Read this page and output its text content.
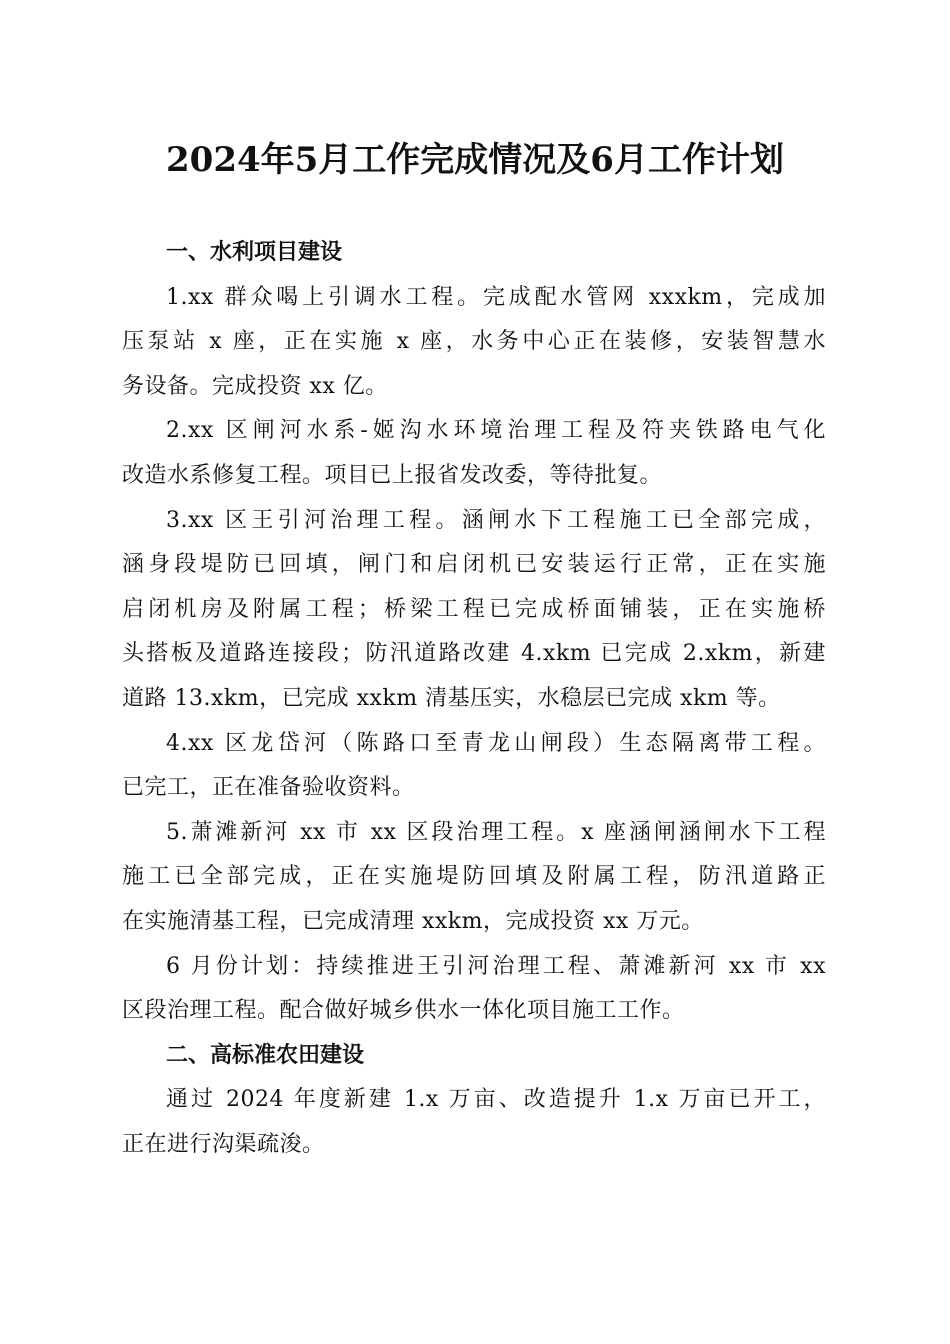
2024年5月工作完成情况及6月工作计划

一、水利项目建设

1.xx 群众喝上引调水工程。完成配水管网 xxxkm，完成加
压泵站 x 座，正在实施 x 座，水务中心正在装修，安装智慧水
务设备。完成投资 xx 亿。

2.xx 区闸河水系-姬沟水环境治理工程及符夹铁路电气化
改造水系修复工程。项目已上报省发改委，等待批复。

3.xx 区王引河治理工程。涵闸水下工程施工已全部完成，
涵身段堤防已回填，闸门和启闭机已安装运行正常，正在实施
启闭机房及附属工程；桥梁工程已完成桥面铺装，正在实施桥
头搭板及道路连接段；防汛道路改建 4.xkm 已完成 2.xkm，新建
道路 13.xkm，已完成 xxkm 清基压实，水稳层已完成 xkm 等。

4.xx 区龙岱河（陈路口至青龙山闸段）生态隔离带工程。
已完工，正在准备验收资料。

5.萧滩新河 xx 市 xx 区段治理工程。x 座涵闸涵闸水下工程
施工已全部完成，正在实施堤防回填及附属工程，防汛道路正
在实施清基工程，已完成清理 xxkm，完成投资 xx 万元。

6 月份计划：持续推进王引河治理工程、萧滩新河 xx 市 xx
区段治理工程。配合做好城乡供水一体化项目施工工作。

二、高标准农田建设

通过 2024 年度新建 1.x 万亩、改造提升 1.x 万亩已开工，
正在进行沟渠疏浚。
